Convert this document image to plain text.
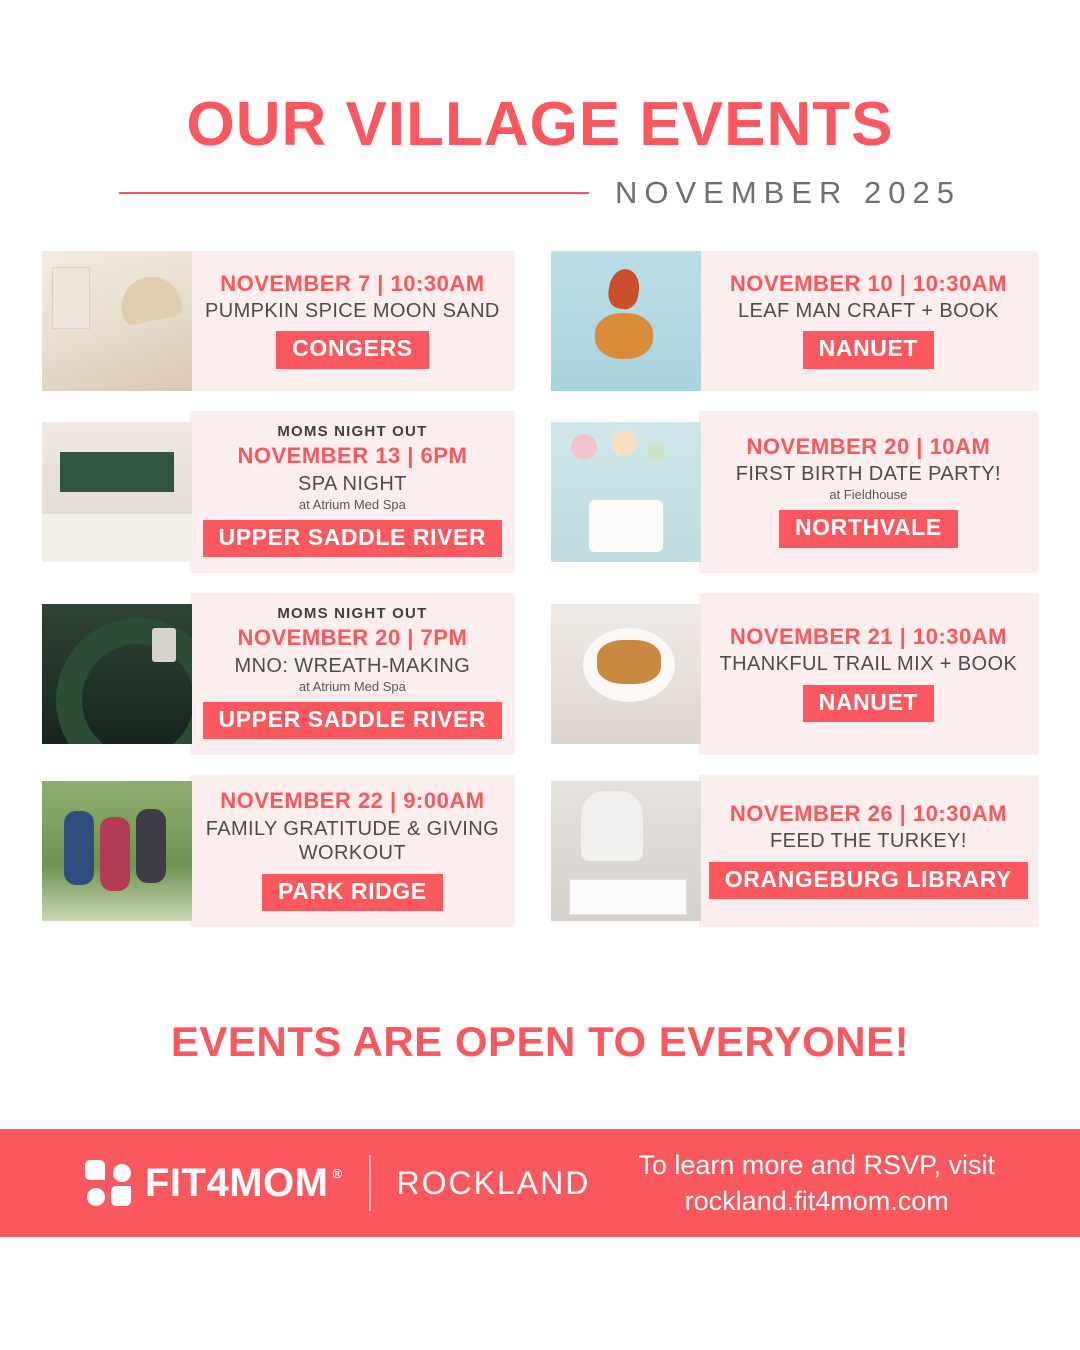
OUR VILLAGE EVENTS
NOVEMBER 2025
NOVEMBER 7 | 10:30AM
PUMPKIN SPICE MOON SAND
CONGERS
NOVEMBER 10 | 10:30AM
LEAF MAN CRAFT + BOOK
NANUET
MOMS NIGHT OUT
NOVEMBER 13 | 6PM
SPA NIGHT
at Atrium Med Spa
UPPER SADDLE RIVER
NOVEMBER 20 | 10AM
FIRST BIRTH DATE PARTY!
at Fieldhouse
NORTHVALE
MOMS NIGHT OUT
NOVEMBER 20 | 7PM
MNO: WREATH-MAKING
at Atrium Med Spa
UPPER SADDLE RIVER
NOVEMBER 21 | 10:30AM
THANKFUL TRAIL MIX + BOOK
NANUET
NOVEMBER 22 | 9:00AM
FAMILY GRATITUDE & GIVING WORKOUT
PARK RIDGE
NOVEMBER 26 | 10:30AM
FEED THE TURKEY!
ORANGEBURG LIBRARY
EVENTS ARE OPEN TO EVERYONE!
FIT4MOM ® ROCKLAND To learn more and RSVP, visit
rockland.fit4mom.com
